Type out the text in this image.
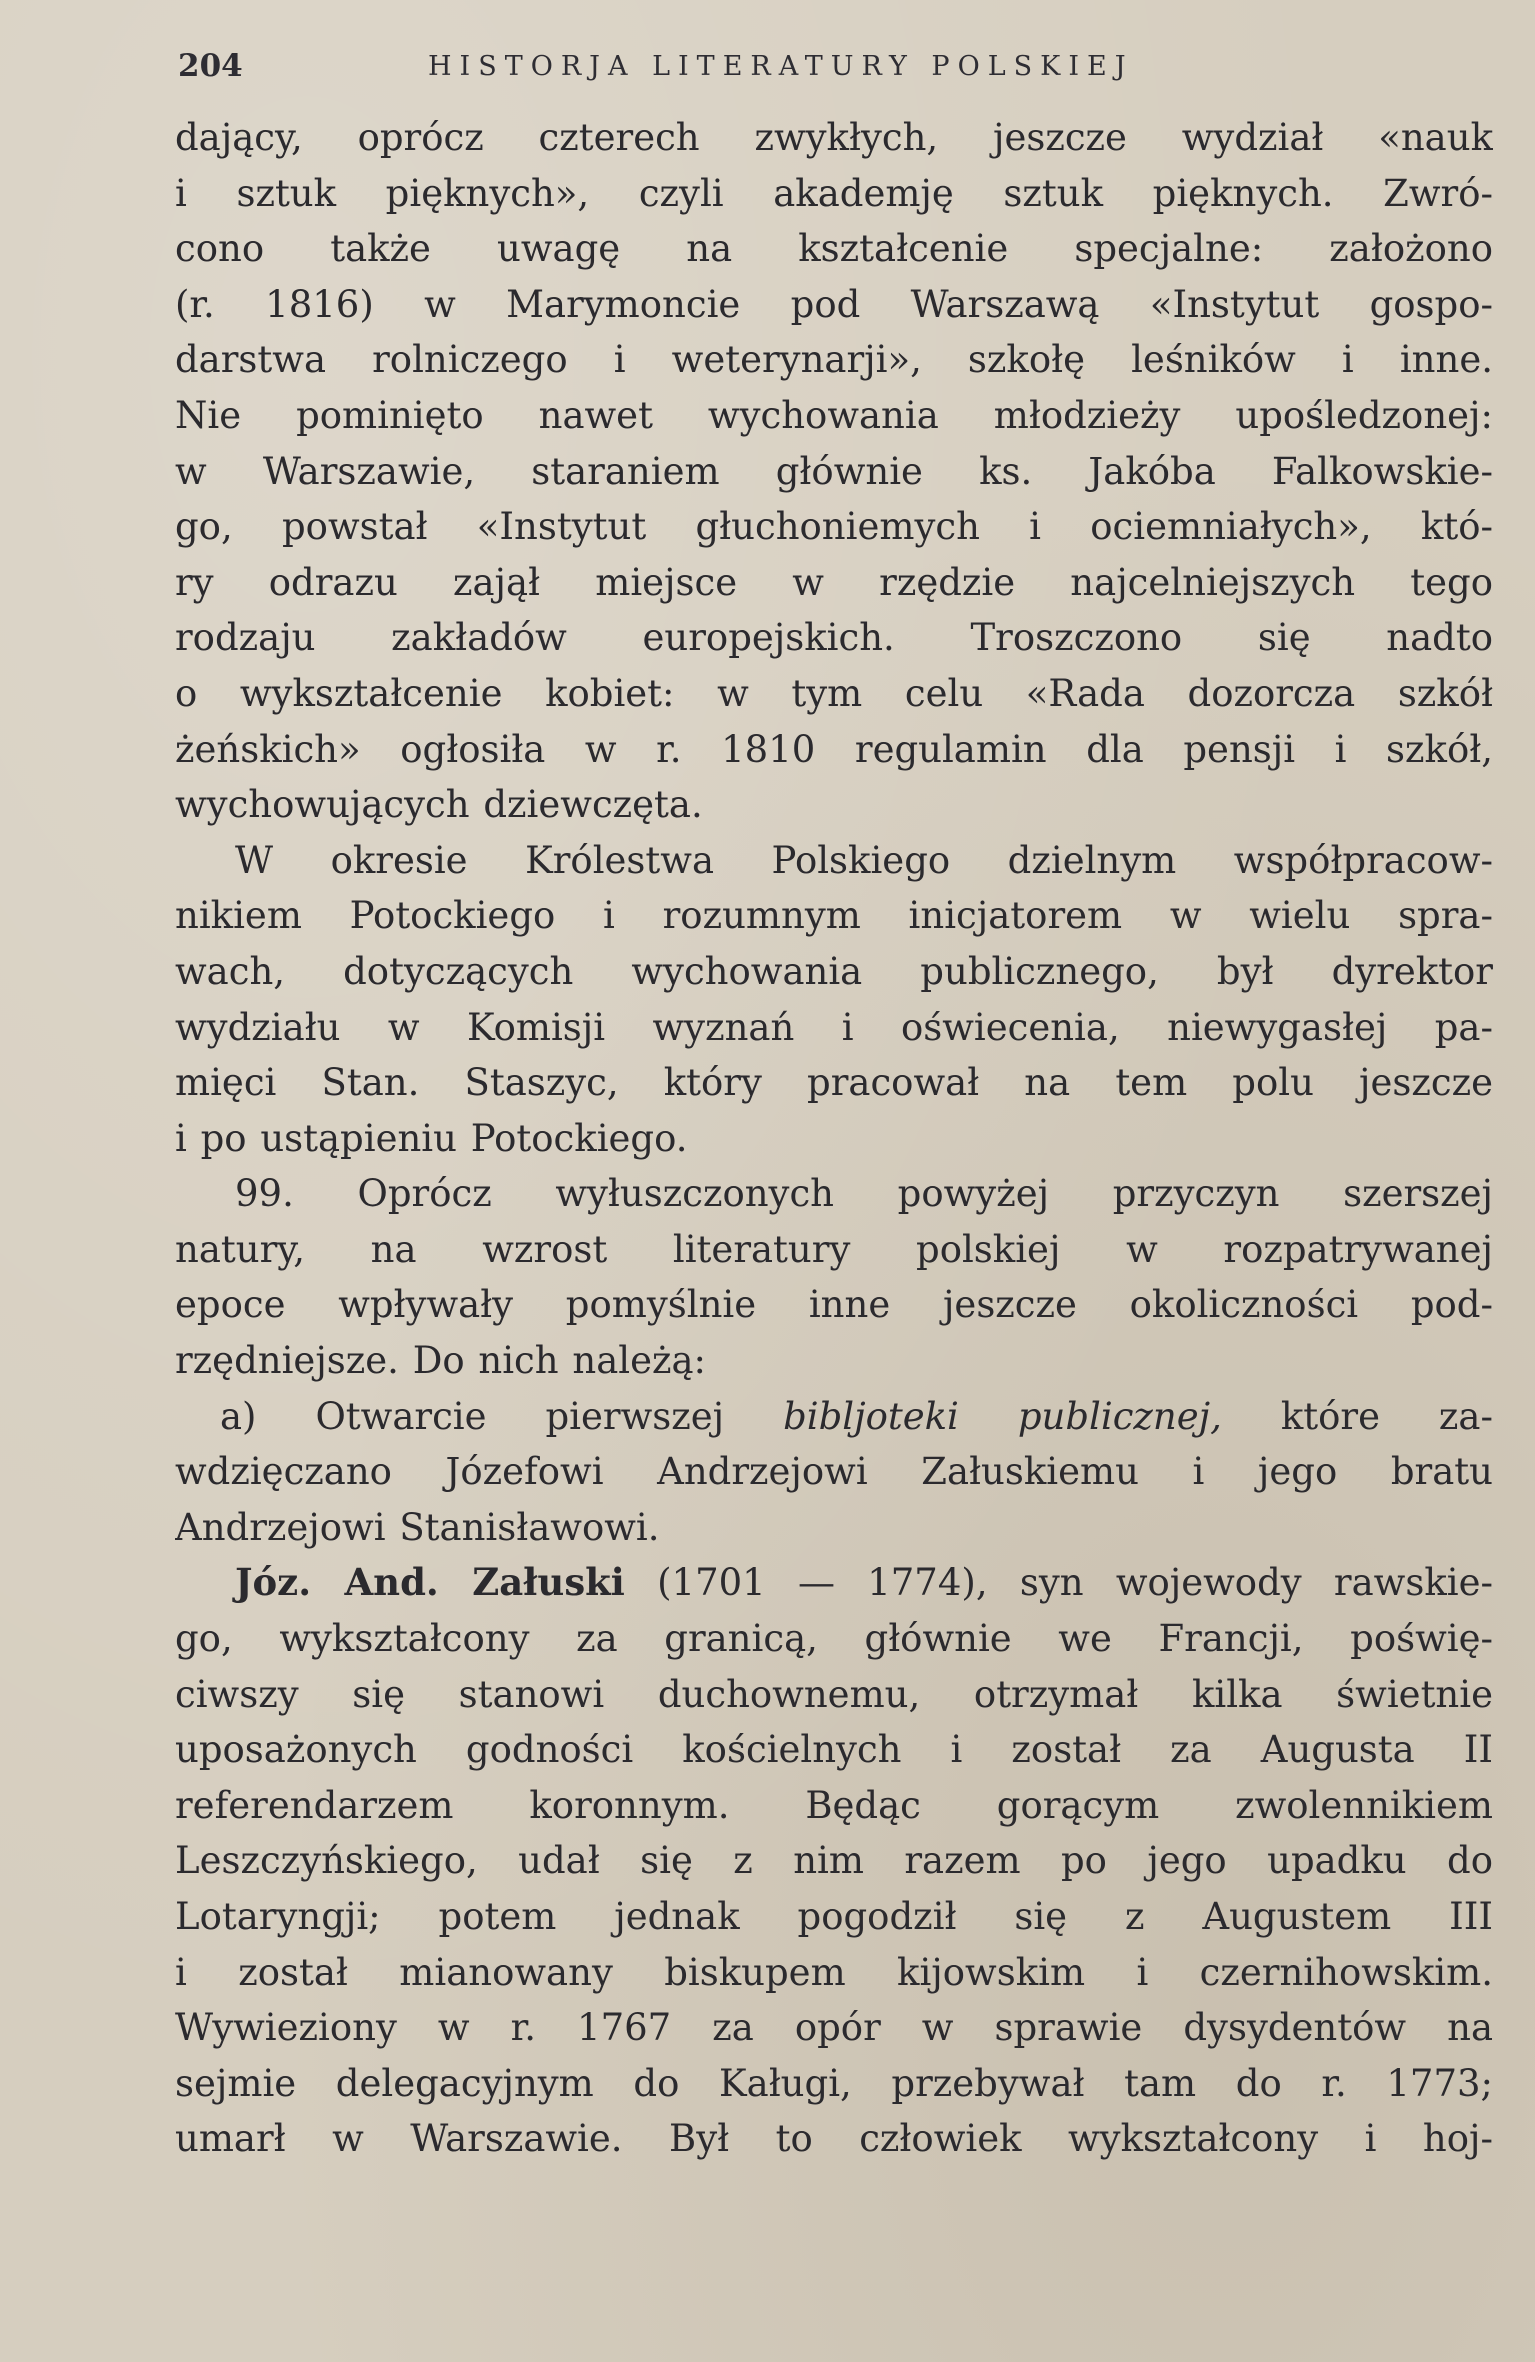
204	HISTORJA LITERATURY POLSKIEJ
dający, oprócz czterech zwykłych, jeszcze wydział «nauk
i sztuk pięknych», czyli akademję sztuk pięknych. Zwró-
cono także uwagę na kształcenie specjalne: założono
(r. 1816) w Marymoncie pod Warszawą «Instytut gospo-
darstwa rolniczego i weterynarji», szkołę leśników i inne.
Nie pominięto nawet wychowania młodzieży upośledzonej:
w Warszawie, staraniem głównie ks. Jakóba Falkowskie-
go, powstał «Instytut głuchoniemych i ociemniałych», któ-
ry odrazu zajął miejsce w rzędzie najcelniejszych tego
rodzaju zakładów europejskich. Troszczono się nadto
o wykształcenie kobiet: w tym celu «Rada dozorcza szkół
żeńskich» ogłosiła w r. 1810 regulamin dla pensji i szkół,
wychowujących dziewczęta.
W okresie Królestwa Polskiego dzielnym współpracow-
nikiem Potockiego i rozumnym inicjatorem w wielu spra-
wach, dotyczących wychowania publicznego, był dyrektor
wydziału w Komisji wyznań i oświecenia, niewygasłej pa-
mięci Stan. Staszyc, który pracował na tem polu jeszcze
i po ustąpieniu Potockiego.
99. Oprócz wyłuszczonych powyżej przyczyn szerszej
natury, na wzrost literatury polskiej w rozpatrywanej
epoce wpływały pomyślnie inne jeszcze okoliczności pod-
rzędniejsze. Do nich należą:
a) Otwarcie pierwszej bibljoteki publicznej, które za-
wdzięczano Józefowi Andrzejowi Załuskiemu i jego bratu
Andrzejowi Stanisławowi.
Józ. And. Załuski (1701 — 1774), syn wojewody rawskie-
go, wykształcony za granicą, głównie we Francji, poświę-
ciwszy się stanowi duchownemu, otrzymał kilka świetnie
uposażonych godności kościelnych i został za Augusta II
referendarzem koronnym. Będąc gorącym zwolennikiem
Leszczyńskiego, udał się z nim razem po jego upadku do
Lotaryngji; potem jednak pogodził się z Augustem III
i został mianowany biskupem kijowskim i czernihowskim.
Wywieziony w r. 1767 za opór w sprawie dysydentów na
sejmie delegacyjnym do Kaługi, przebywał tam do r. 1773;
umarł w Warszawie. Był to człowiek wykształcony i hoj-
